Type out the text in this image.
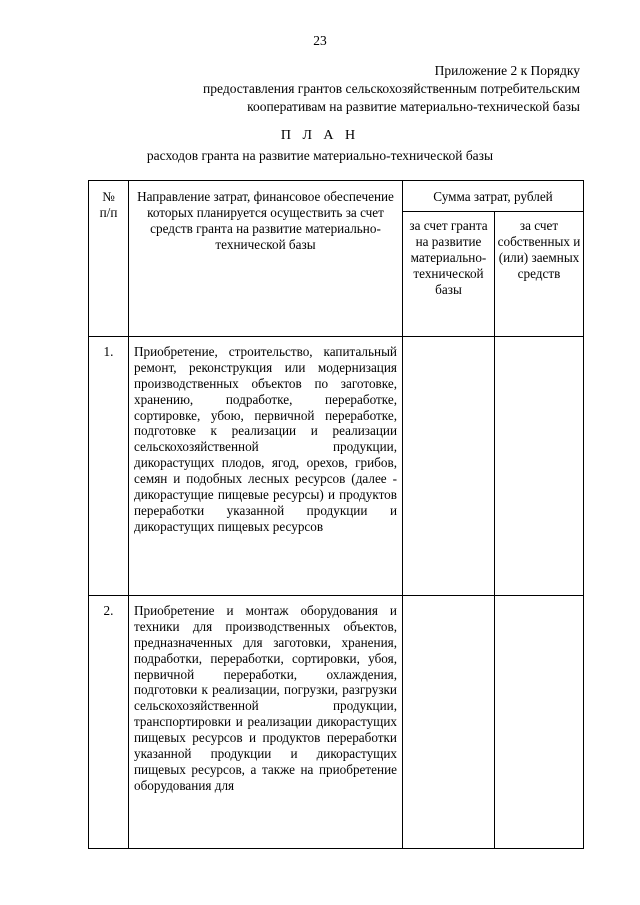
23
Приложение 2 к Порядку
предоставления грантов сельскохозяйственным потребительским
кооперативам на развитие материально-технической базы
П Л А Н
расходов гранта на развитие материально-технической базы
№
п/п	Направление затрат, финансовое обеспечение которых планируется осуществить за счет средств гранта на развитие материально-технической базы	Сумма затрат, рублей	
		за счет гранта на развитие материально-технической базы	за счет собственных и (или) заемных средств
1.	Приобретение, строительство, капитальный ремонт, реконструкция или модернизация производственных объектов по заготовке, хранению, подработке, переработке, сортировке, убою, первичной переработке, подготовке к реализации и реализации сельскохозяйственной продукции, дикорастущих плодов, ягод, орехов, грибов, семян и подобных лесных ресурсов (далее - дикорастущие пищевые ресурсы) и продуктов переработки указанной продукции и дикорастущих пищевых ресурсов		
2.	Приобретение и монтаж оборудования и техники для производственных объектов, предназначенных для заготовки, хранения, подработки, переработки, сортировки, убоя, первичной переработки, охлаждения, подготовки к реализации, погрузки, разгрузки сельскохозяйственной продукции, транспортировки и реализации дикорастущих пищевых ресурсов и продуктов переработки указанной продукции и дикорастущих пищевых ресурсов, а также на приобретение оборудования для		
